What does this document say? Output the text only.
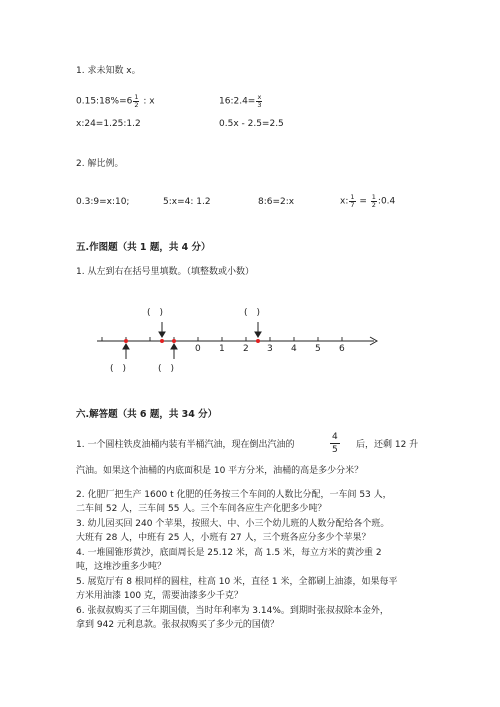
1. 求未知数 x。
0.15:18%=6 $\frac{1}{2}$ : x	16:2.4= $\frac{x}{3}$
x:24=1.25:1.2	0.5x - 2.5=2.5
2. 解比例。
0.3:9=x:10;	5:x=4: 1.2	8:6=2:x	x: $\frac{1}{7} = \frac{1}{2}$ :0.4
五.作图题（共 1 题，共 4 分）
1. 从左到右在括号里填数。（填整数或小数）
0 1 2 3 4 5 6
(　)	(　)
(　)	(　)
六.解答题（共 6 题，共 34 分）
1. 一个圆柱铁皮油桶内装有半桶汽油，现在倒出汽油的	$\frac{4}{5}$ 后，还剩 12 升
汽油。如果这个油桶的内底面积是 10 平方分米，油桶的高是多少分米？
2. 化肥厂把生产 1600 t 化肥的任务按三个车间的人数比分配，一车间 53 人，
二车间 52 人，三车间 55 人。三个车间各应生产化肥多少吨？
3. 幼儿园买回 240 个苹果，按照大、中、小三个幼儿班的人数分配给各个班。
大班有 28 人，中班有 25 人，小班有 27 人，三个班各应分多少个苹果？
4. 一堆圆锥形黄沙，底面周长是 25.12 米，高 1.5 米，每立方米的黄沙重 2
吨，这堆沙重多少吨？
5. 展览厅有 8 根同样的圆柱，柱高 10 米，直径 1 米，全都刷上油漆，如果每平
方米用油漆 100 克，需要油漆多少千克？
6. 张叔叔购买了三年期国债，当时年利率为 3.14%。到期时张叔叔除本金外，
拿到 942 元利息款。张叔叔购买了多少元的国债？
